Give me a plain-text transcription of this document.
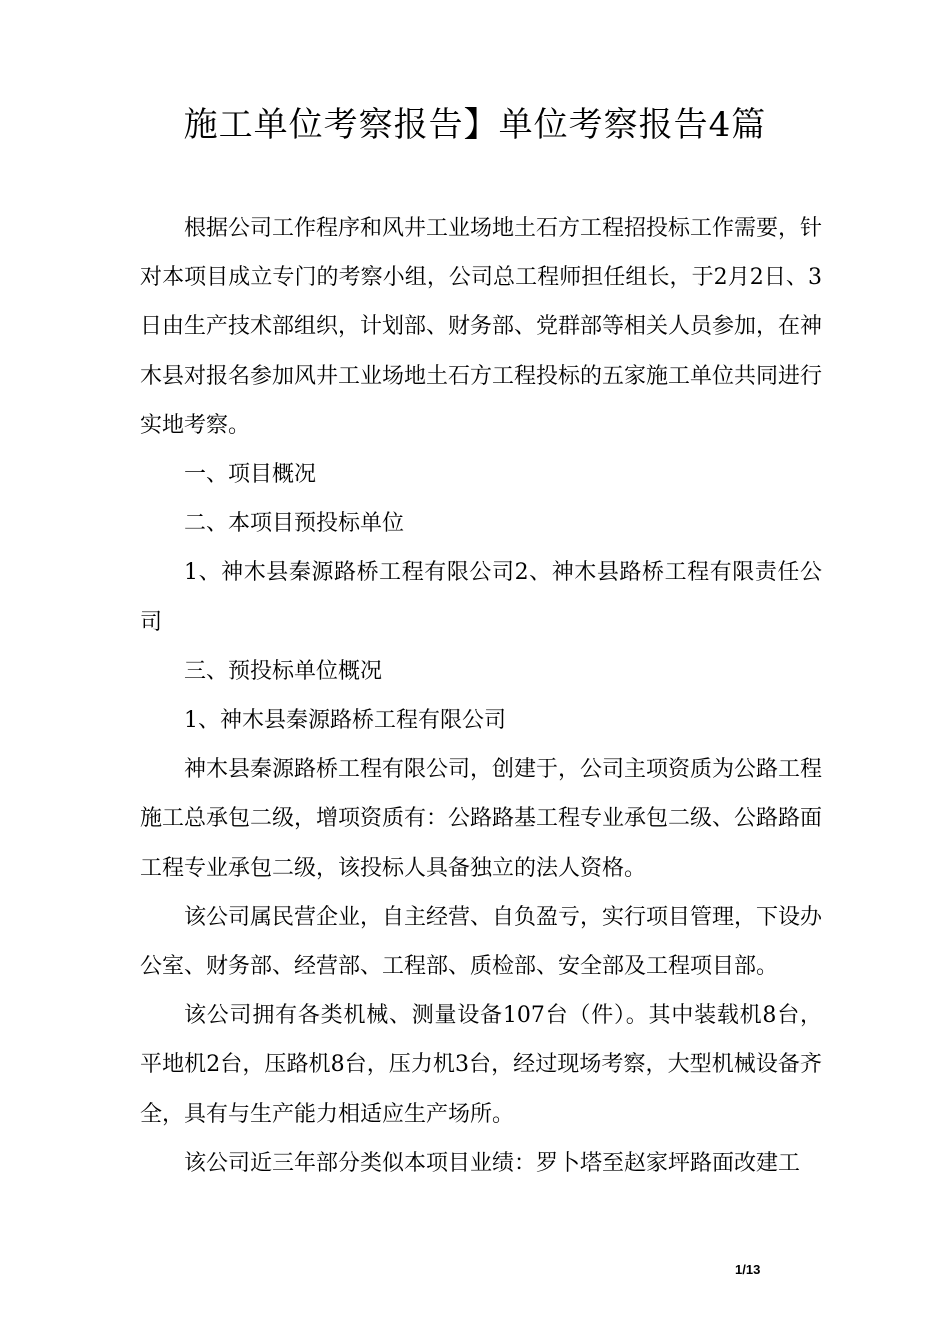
施工单位考察报告】单位考察报告4篇

根据公司工作程序和风井工业场地土石方工程招投标工作需要，针对本项目成立专门的考察小组，公司总工程师担任组长，于2月2日、3日由生产技术部组织，计划部、财务部、党群部等相关人员参加，在神木县对报名参加风井工业场地土石方工程投标的五家施工单位共同进行实地考察。

一、项目概况

二、本项目预投标单位

1、神木县秦源路桥工程有限公司2、神木县路桥工程有限责任公司

三、预投标单位概况

1、神木县秦源路桥工程有限公司

神木县秦源路桥工程有限公司，创建于，公司主项资质为公路工程施工总承包二级，增项资质有：公路路基工程专业承包二级、公路路面工程专业承包二级，该投标人具备独立的法人资格。

该公司属民营企业，自主经营、自负盈亏，实行项目管理，下设办公室、财务部、经营部、工程部、质检部、安全部及工程项目部。

该公司拥有各类机械、测量设备107台（件）。其中装载机8台，平地机2台，压路机8台，压力机3台，经过现场考察，大型机械设备齐全，具有与生产能力相适应生产场所。

该公司近三年部分类似本项目业绩：罗卜塔至赵家坪路面改建工

1/13
